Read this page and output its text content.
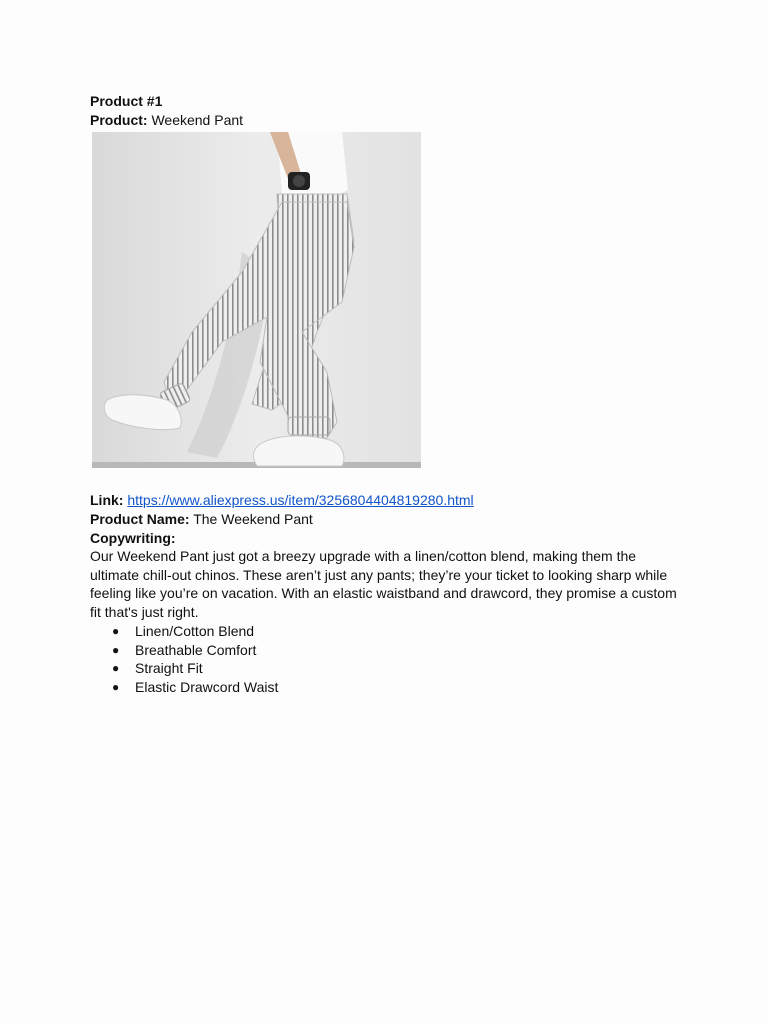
Product #1
Product: Weekend Pant
Link: https://www.aliexpress.us/item/3256804404819280.html
Product Name: The Weekend Pant
Copywriting:

Our Weekend Pant just got a breezy upgrade with a linen/cotton blend, making them the ultimate chill-out chinos. These aren’t just any pants; they’re your ticket to looking sharp while feeling like you’re on vacation. With an elastic waistband and drawcord, they promise a custom fit that's just right.

● Linen/Cotton Blend
● Breathable Comfort
● Straight Fit
● Elastic Drawcord Waist
